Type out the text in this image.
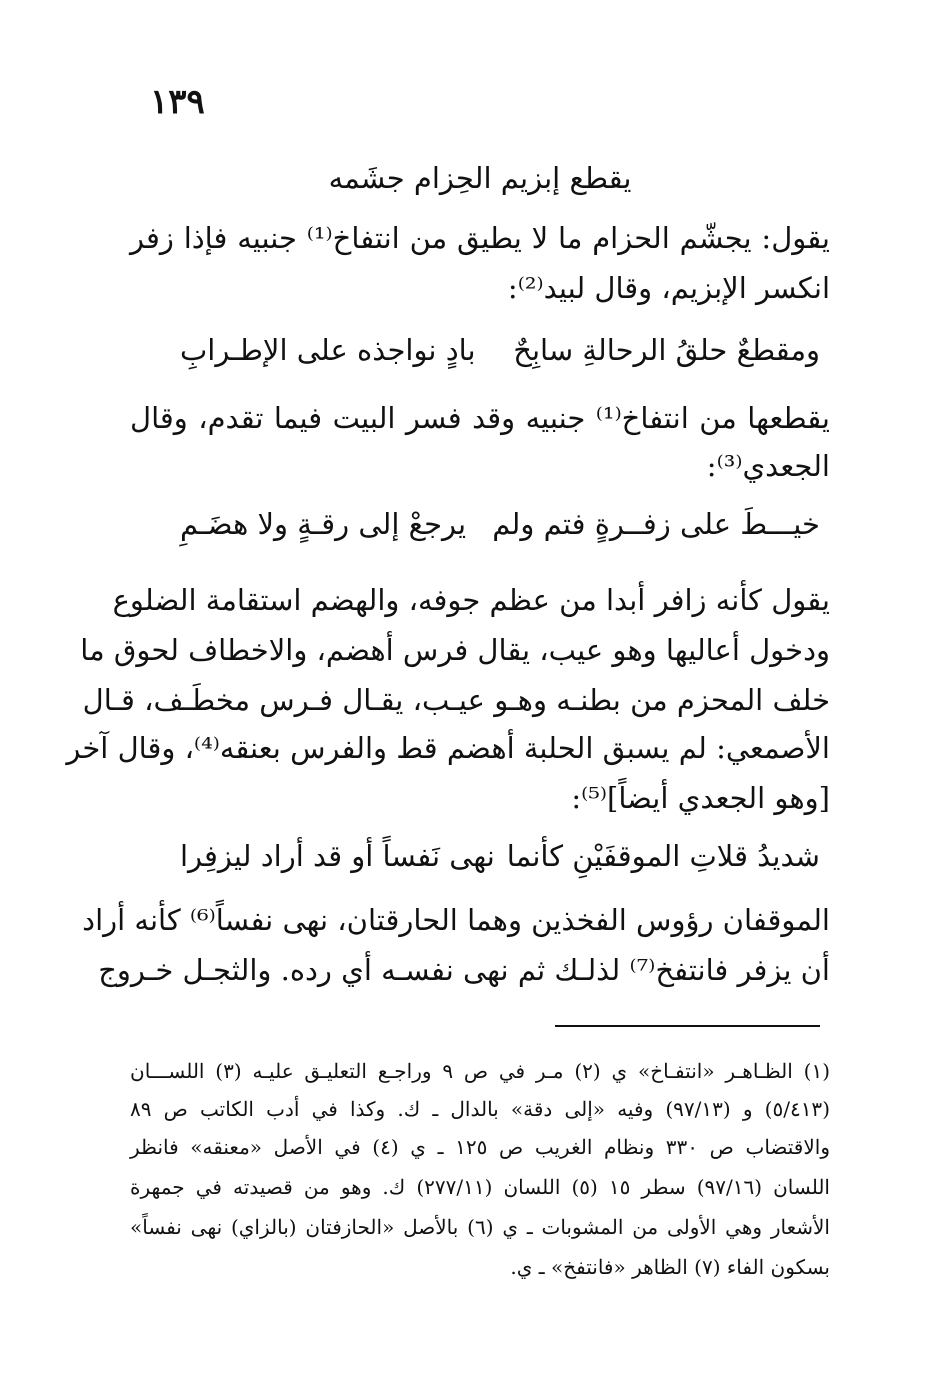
١٣٩
يقطع إبزيم الحِزام جشَمه
يقول: يجشّم الحزام ما لا يطيق من انتفاخ⁽¹⁾ جنبيه فإذا زفر
انكسر الإبزيم، وقال لبيد⁽²⁾:
ومقطعٌ حلقُ الرحالةِ سابِحٌ
بادٍ نواجذه على الإطـرابِ
يقطعها من انتفاخ⁽¹⁾ جنبيه وقد فسر البيت فيما تقدم، وقال
الجعدي⁽³⁾:
خيـــطَ على زفــرةٍ فتم ولم
يرجعْ إلى رقـةٍ ولا هضَـمِ
يقول كأنه زافر أبدا من عظم جوفه، والهضم استقامة الضلوع
ودخول أعاليها وهو عيب، يقال فرس أهضم، والاخطاف لحوق ما
خلف المحزم من بطنـه وهـو عيـب، يقـال فـرس مخطَـف، قـال
الأصمعي: لم يسبق الحلبة أهضم قط والفرس بعنقه⁽⁴⁾، وقال آخر
[وهو الجعدي أيضاً]⁽⁵⁾:
شديدُ قلاتِ الموقفَيْنِ كأنما
نهى نَفساً أو قد أراد ليزفِرا
الموقفان رؤوس الفخذين وهما الحارقتان، نهى نفساً⁽⁶⁾ كأنه أراد
أن يزفر فانتفخ⁽⁷⁾ لذلـك ثم نهى نفسـه أي رده. والثجـل خـروج
(١) الظـاهـر «انتفـاخ» ي (٢) مـر في ص ٩ وراجـع التعليـق عليـه (٣) اللســـان
(٥/٤١٣) و (٩٧/١٣) وفيه «إلى دقة» بالدال ـ ك. وكذا في أدب الكاتب ص ٨٩
والاقتضاب ص ٣٣٠ ونظام الغريب ص ١٢٥ ـ ي (٤) في الأصل «معنقه» فانظر
اللسان (٩٧/١٦) سطر ١٥ (٥) اللسان (٢٧٧/١١) ك. وهو من قصيدته في جمهرة
الأشعار وهي الأولى من المشوبات ـ ي (٦) بالأصل «الحازفتان (بالزاي) نهى نفساً»
بسكون الفاء (٧) الظاهر «فانتفخ» ـ ي.
